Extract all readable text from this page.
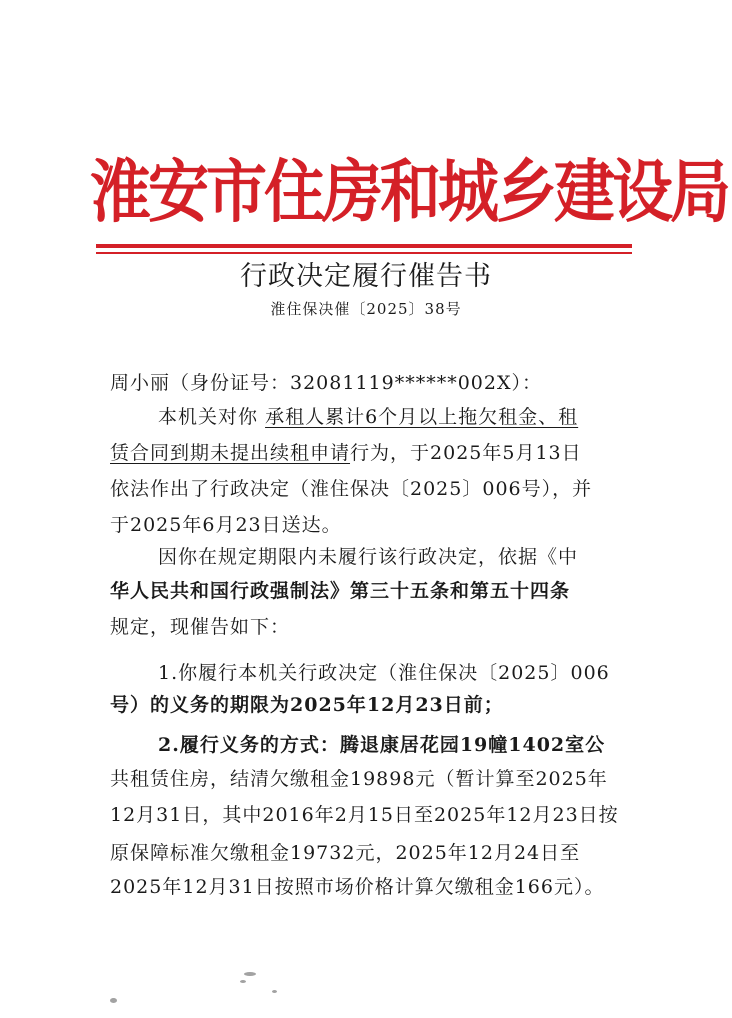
淮安市住房和城乡建设局
行政决定履行催告书
淮住保决催〔2025〕38号
周小丽（身份证号：32081119******002X）：
本机关对你 承租人累计6个月以上拖欠租金、租
赁合同到期未提出续租申请行为，于2025年5月13日
依法作出了行政决定（淮住保决〔2025〕006号），并
于2025年6月23日送达。
因你在规定期限内未履行该行政决定，依据《中
华人民共和国行政强制法》第三十五条和第五十四条
规定，现催告如下：
1.你履行本机关行政决定（淮住保决〔2025〕006
号）的义务的期限为2025年12月23日前；
2.履行义务的方式：腾退康居花园19幢1402室公
共租赁住房，结清欠缴租金19898元（暂计算至2025年
12月31日，其中2016年2月15日至2025年12月23日按
原保障标准欠缴租金19732元，2025年12月24日至
2025年12月31日按照市场价格计算欠缴租金166元）。
